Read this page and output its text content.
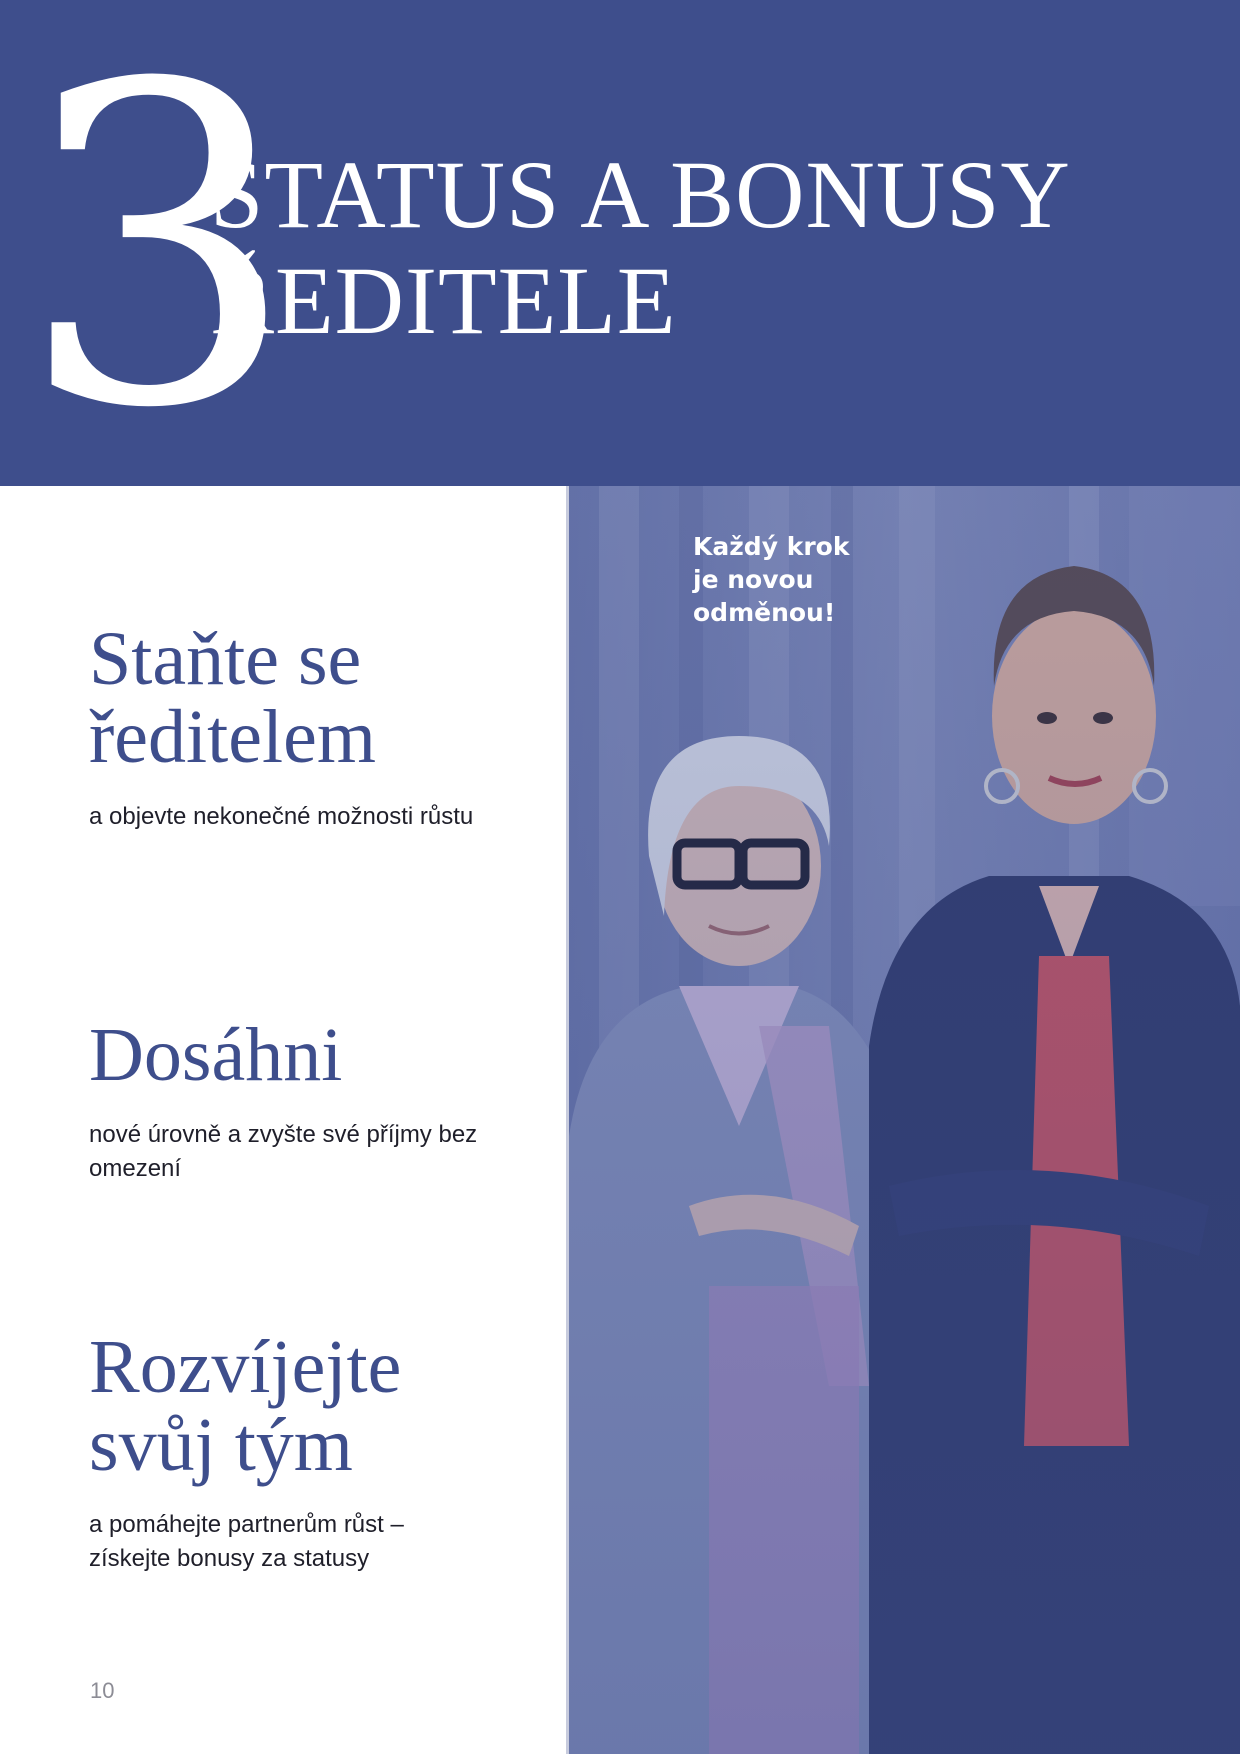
3

STATUS A BONUSY
ŘEDITELE
Staňte se
ředitelem

a objevte nekonečné možnosti růstu

Dosáhni

nové úrovně a zvyšte své příjmy bez omezení

Rozvíjejte
svůj tým

a pomáhejte partnerům růst – získejte bonusy za statusy

10

Každý krok
je novou
odměnou!
